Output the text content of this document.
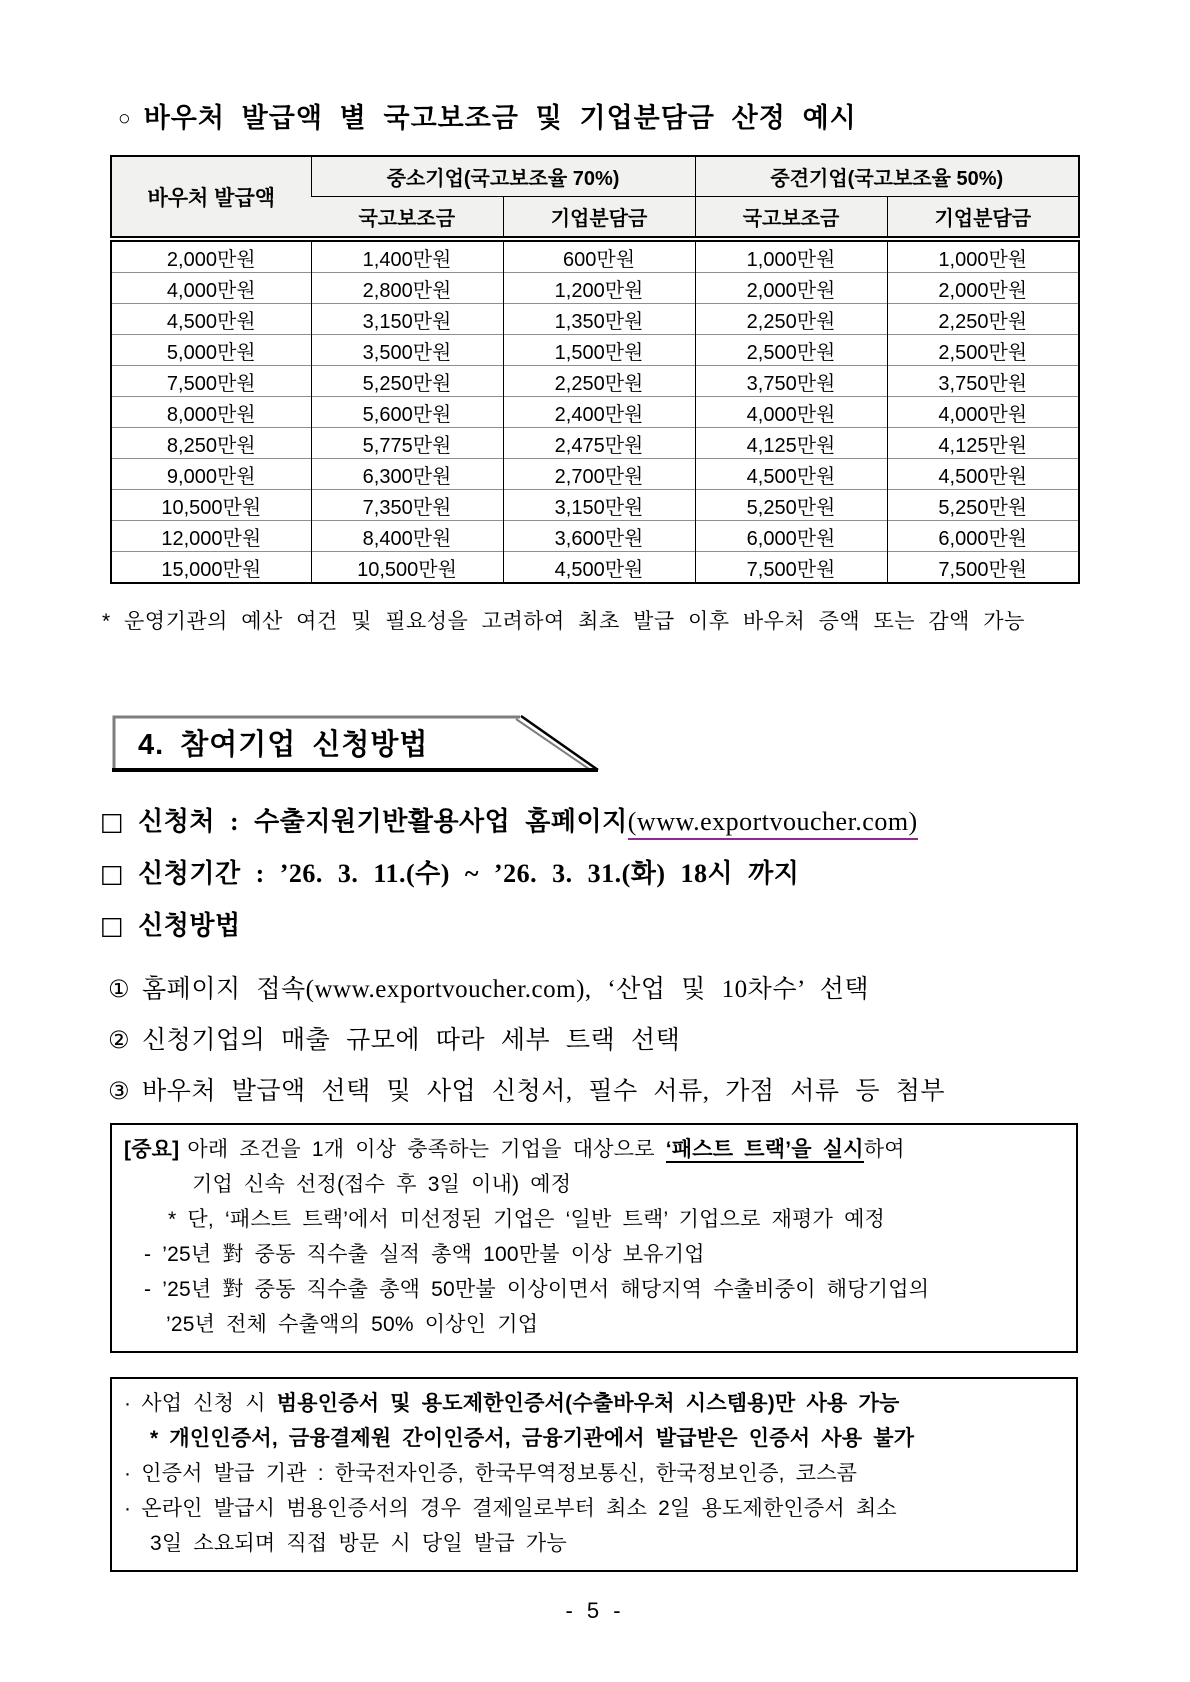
○ 바우처 발급액 별 국고보조금 및 기업분담금 산정 예시
바우처 발급액	중소기업(국고보조율 70%)		중견기업(국고보조율 50%)	
	국고보조금	기업분담금	국고보조금	기업분담금
2,000만원	1,400만원	600만원	1,000만원	1,000만원
4,000만원	2,800만원	1,200만원	2,000만원	2,000만원
4,500만원	3,150만원	1,350만원	2,250만원	2,250만원
5,000만원	3,500만원	1,500만원	2,500만원	2,500만원
7,500만원	5,250만원	2,250만원	3,750만원	3,750만원
8,000만원	5,600만원	2,400만원	4,000만원	4,000만원
8,250만원	5,775만원	2,475만원	4,125만원	4,125만원
9,000만원	6,300만원	2,700만원	4,500만원	4,500만원
10,500만원	7,350만원	3,150만원	5,250만원	5,250만원
12,000만원	8,400만원	3,600만원	6,000만원	6,000만원
15,000만원	10,500만원	4,500만원	7,500만원	7,500만원
* 운영기관의 예산 여건 및 필요성을 고려하여 최초 발급 이후 바우처 증액 또는 감액 가능
4. 참여기업 신청방법
□ 신청처 : 수출지원기반활용사업 홈페이지(www.exportvoucher.com)
□ 신청기간 : ’26. 3. 11.(수) ~ ’26. 3. 31.(화) 18시 까지
□ 신청방법
① 홈페이지 접속(www.exportvoucher.com), ‘산업 및 10차수’ 선택
② 신청기업의 매출 규모에 따라 세부 트랙 선택
③ 바우처 발급액 선택 및 사업 신청서, 필수 서류, 가점 서류 등 첨부
[중요] 아래 조건을 1개 이상 충족하는 기업을 대상으로 ‘패스트 트랙’을 실시하여
기업 신속 선정(접수 후 3일 이내) 예정
* 단, ‘패스트 트랙’에서 미선정된 기업은 ‘일반 트랙’ 기업으로 재평가 예정
- ’25년 對 중동 직수출 실적 총액 100만불 이상 보유기업
- ’25년 對 중동 직수출 총액 50만불 이상이면서 해당지역 수출비중이 해당기업의
’25년 전체 수출액의 50% 이상인 기업
· 사업 신청 시 범용인증서 및 용도제한인증서(수출바우처 시스템용)만 사용 가능
* 개인인증서, 금융결제원 간이인증서, 금융기관에서 발급받은 인증서 사용 불가
· 인증서 발급 기관 : 한국전자인증, 한국무역정보통신, 한국정보인증, 코스콤
· 온라인 발급시 범용인증서의 경우 결제일로부터 최소 2일 용도제한인증서 최소
3일 소요되며 직접 방문 시 당일 발급 가능
- 5 -
